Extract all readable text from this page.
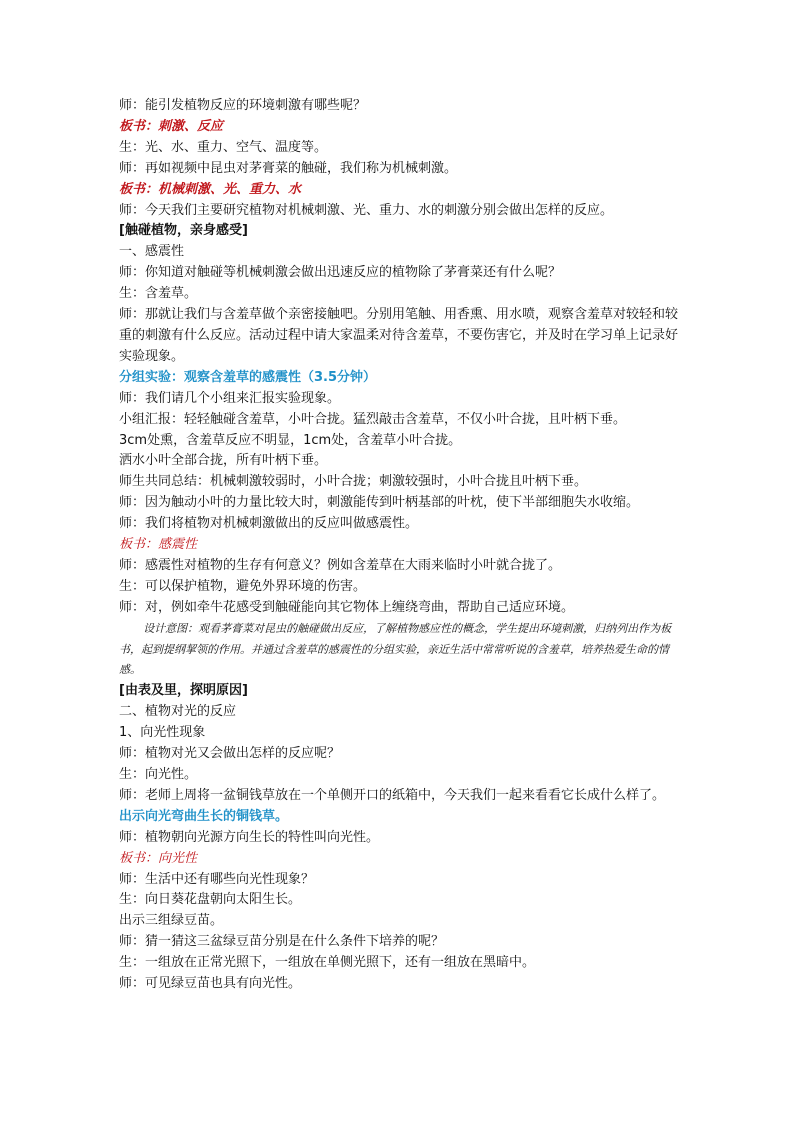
师：能引发植物反应的环境刺激有哪些呢？
板书：刺激、反应
生：光、水、重力、空气、温度等。
师：再如视频中昆虫对茅膏菜的触碰，我们称为机械刺激。
板书：机械刺激、光、重力、水
师：今天我们主要研究植物对机械刺激、光、重力、水的刺激分别会做出怎样的反应。
[触碰植物，亲身感受]
一、感震性
师：你知道对触碰等机械刺激会做出迅速反应的植物除了茅膏菜还有什么呢？
生：含羞草。
师：那就让我们与含羞草做个亲密接触吧。分别用笔触、用香熏、用水喷，观察含羞草对较轻和较重的刺激有什么反应。活动过程中请大家温柔对待含羞草，不要伤害它，并及时在学习单上记录好实验现象。
分组实验：观察含羞草的感震性（3.5分钟）
师：我们请几个小组来汇报实验现象。
小组汇报：轻轻触碰含羞草，小叶合拢。猛烈敲击含羞草，不仅小叶合拢，且叶柄下垂。
3cm处熏，含羞草反应不明显，1cm处，含羞草小叶合拢。
洒水小叶全部合拢，所有叶柄下垂。
师生共同总结：机械刺激较弱时，小叶合拢；刺激较强时，小叶合拢且叶柄下垂。
师：因为触动小叶的力量比较大时，刺激能传到叶柄基部的叶枕，使下半部细胞失水收缩。
师：我们将植物对机械刺激做出的反应叫做感震性。
板书：感震性
师：感震性对植物的生存有何意义？例如含羞草在大雨来临时小叶就合拢了。
生：可以保护植物，避免外界环境的伤害。
师：对，例如牵牛花感受到触碰能向其它物体上缠绕弯曲，帮助自己适应环境。
设计意图：观看茅膏菜对昆虫的触碰做出反应，了解植物感应性的概念，学生提出环境刺激，归纳列出作为板书，起到提纲挈领的作用。并通过含羞草的感震性的分组实验，亲近生活中常常听说的含羞草，培养热爱生命的情感。
[由表及里，探明原因]
二、植物对光的反应
1、向光性现象
师：植物对光又会做出怎样的反应呢？
生：向光性。
师：老师上周将一盆铜钱草放在一个单侧开口的纸箱中，今天我们一起来看看它长成什么样了。
出示向光弯曲生长的铜钱草。
师：植物朝向光源方向生长的特性叫向光性。
板书：向光性
师：生活中还有哪些向光性现象？
生：向日葵花盘朝向太阳生长。
出示三组绿豆苗。
师：猜一猜这三盆绿豆苗分别是在什么条件下培养的呢？
生：一组放在正常光照下，一组放在单侧光照下，还有一组放在黑暗中。
师：可见绿豆苗也具有向光性。
